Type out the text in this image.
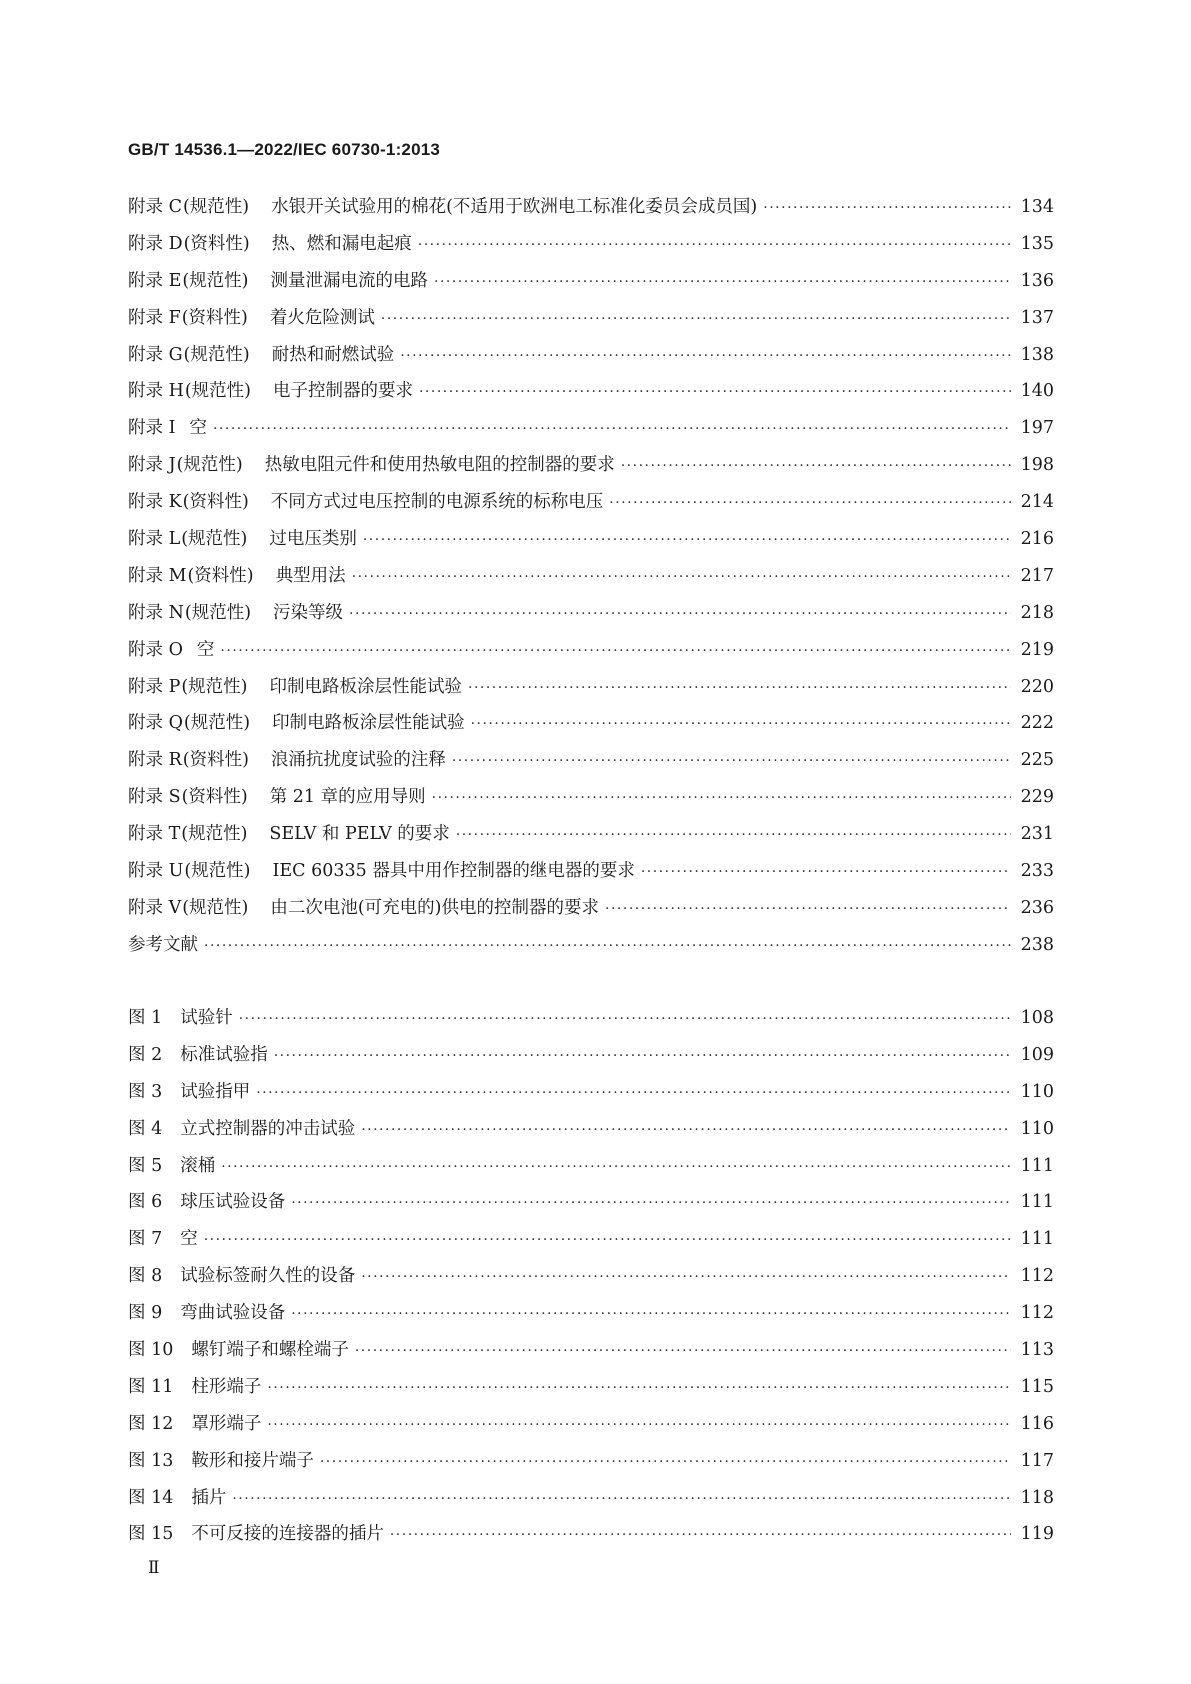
GB/T 14536.1—2022/IEC 60730-1:2013
附录 C (规范性) 水银开关试验用的棉花(不适用于欧洲电工标准化委员会成员国) ·····	134
附录 D (资料性) 热、燃和漏电起痕 ·····	135
附录 E (规范性) 测量泄漏电流的电路 ·····	136
附录 F (资料性) 着火危险测试 ·····	137
附录 G (规范性) 耐热和耐燃试验 ·····	138
附录 H (规范性) 电子控制器的要求 ·····	140
附录 I 空 ·····	197
附录 J (规范性) 热敏电阻元件和使用热敏电阻的控制器的要求 ·····	198
附录 K (资料性) 不同方式过电压控制的电源系统的标称电压 ·····	214
附录 L (规范性) 过电压类别 ·····	216
附录 M (资料性) 典型用法 ·····	217
附录 N (规范性) 污染等级 ·····	218
附录 O 空 ·····	219
附录 P (规范性) 印制电路板涂层性能试验 ·····	220
附录 Q (规范性) 印制电路板涂层性能试验 ·····	222
附录 R (资料性) 浪涌抗扰度试验的注释 ·····	225
附录 S (资料性) 第 21 章的应用导则 ·····	229
附录 T (规范性) SELV 和 PELV 的要求 ·····	231
附录 U (规范性) IEC 60335 器具中用作控制器的继电器的要求 ·····	233
附录 V (规范性) 由二次电池(可充电的)供电的控制器的要求 ·····	236
参考文献 ·····	238
图 1 试验针 ·····	108
图 2 标准试验指 ·····	109
图 3 试验指甲 ·····	110
图 4 立式控制器的冲击试验 ·····	110
图 5 滚桶 ·····	111
图 6 球压试验设备 ·····	111
图 7 空 ·····	111
图 8 试验标签耐久性的设备 ·····	112
图 9 弯曲试验设备 ·····	112
图 10 螺钉端子和螺栓端子 ·····	113
图 11 柱形端子 ·····	115
图 12 罩形端子 ·····	116
图 13 鞍形和接片端子 ·····	117
图 14 插片 ·····	118
图 15 不可反接的连接器的插片 ·····	119
Ⅱ
